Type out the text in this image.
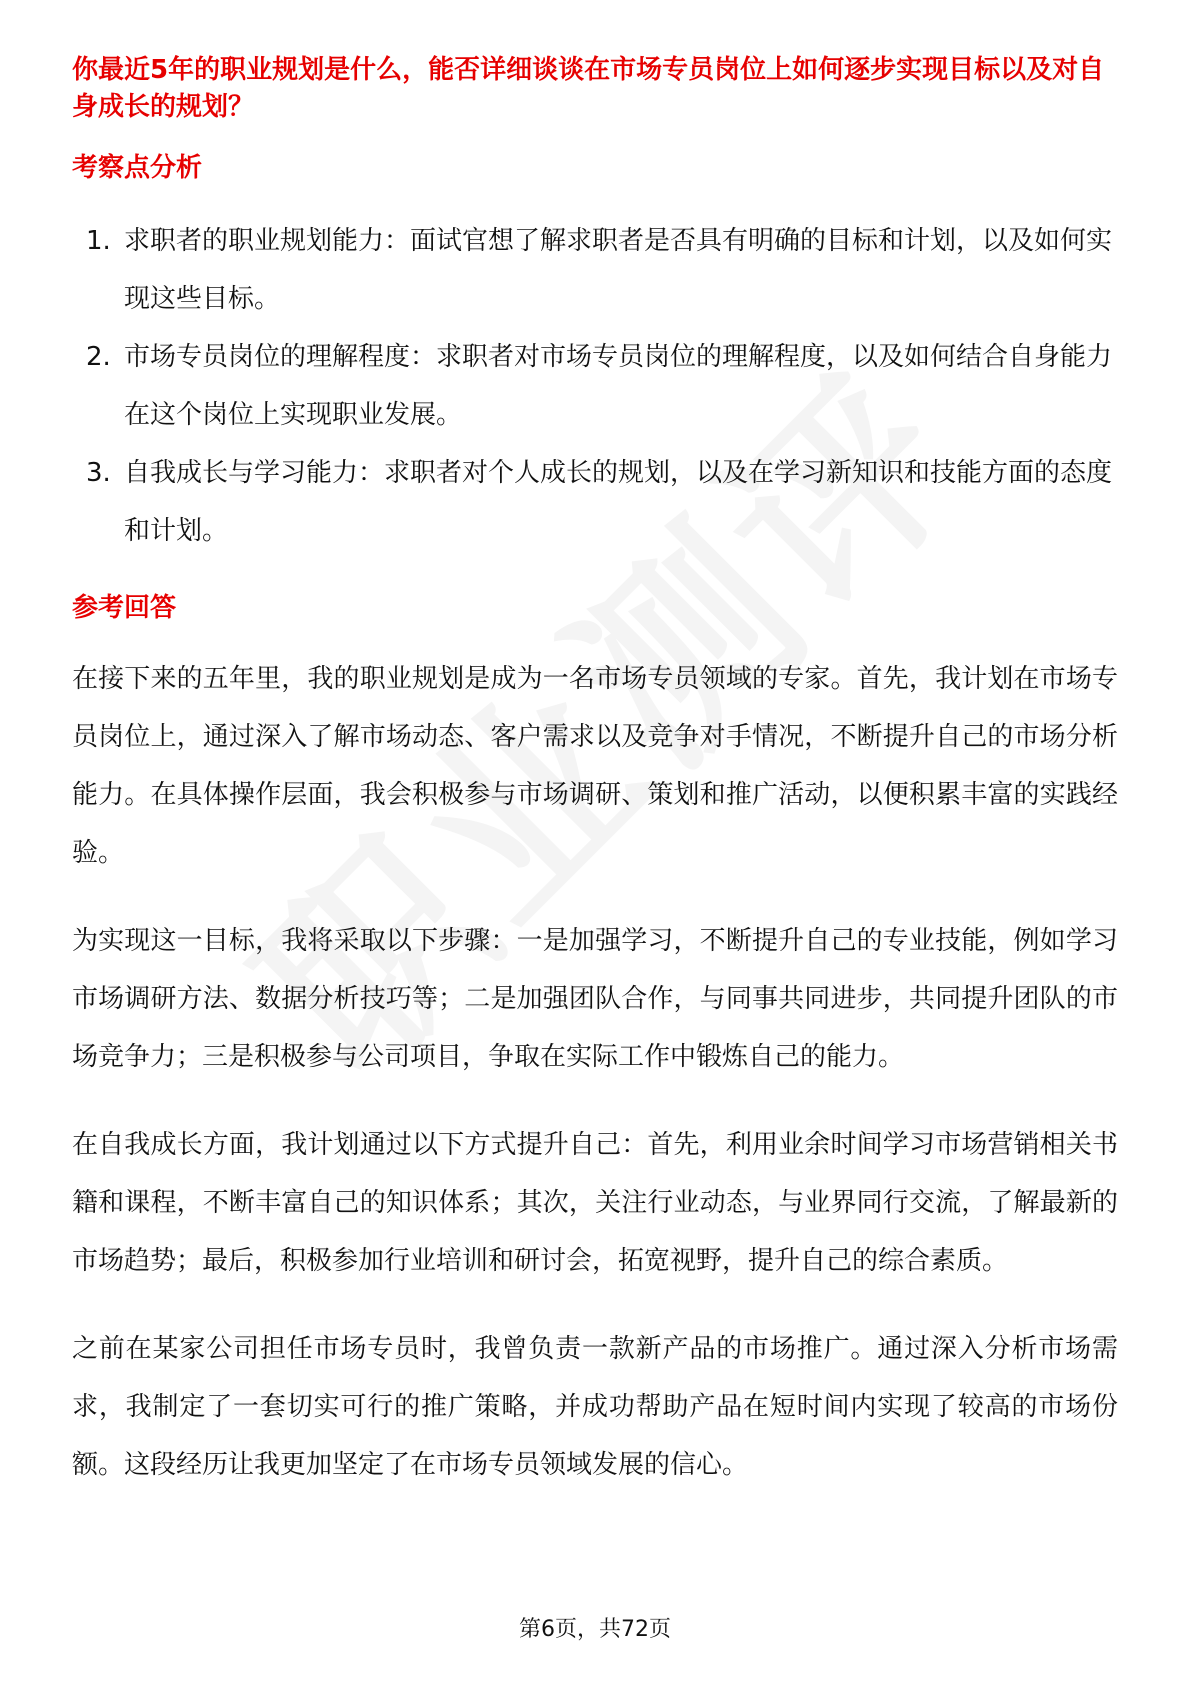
你最近5年的职业规划是什么，能否详细谈谈在市场专员岗位上如何逐步实现目标以及对自身成长的规划？

考察点分析
1. 求职者的职业规划能力：面试官想了解求职者是否具有明确的目标和计划，以及如何实现这些目标。
2. 市场专员岗位的理解程度：求职者对市场专员岗位的理解程度，以及如何结合自身能力在这个岗位上实现职业发展。
3. 自我成长与学习能力：求职者对个人成长的规划，以及在学习新知识和技能方面的态度和计划。
参考回答

在接下来的五年里，我的职业规划是成为一名市场专员领域的专家。首先，我计划在市场专员岗位上，通过深入了解市场动态、客户需求以及竞争对手情况，不断提升自己的市场分析能力。在具体操作层面，我会积极参与市场调研、策划和推广活动，以便积累丰富的实践经验。

为实现这一目标，我将采取以下步骤：一是加强学习，不断提升自己的专业技能，例如学习市场调研方法、数据分析技巧等；二是加强团队合作，与同事共同进步，共同提升团队的市场竞争力；三是积极参与公司项目，争取在实际工作中锻炼自己的能力。

在自我成长方面，我计划通过以下方式提升自己：首先，利用业余时间学习市场营销相关书籍和课程，不断丰富自己的知识体系；其次，关注行业动态，与业界同行交流，了解最新的市场趋势；最后，积极参加行业培训和研讨会，拓宽视野，提升自己的综合素质。

之前在某家公司担任市场专员时，我曾负责一款新产品的市场推广。通过深入分析市场需求，我制定了一套切实可行的推广策略，并成功帮助产品在短时间内实现了较高的市场份额。这段经历让我更加坚定了在市场专员领域发展的信心。

第6页，共72页
